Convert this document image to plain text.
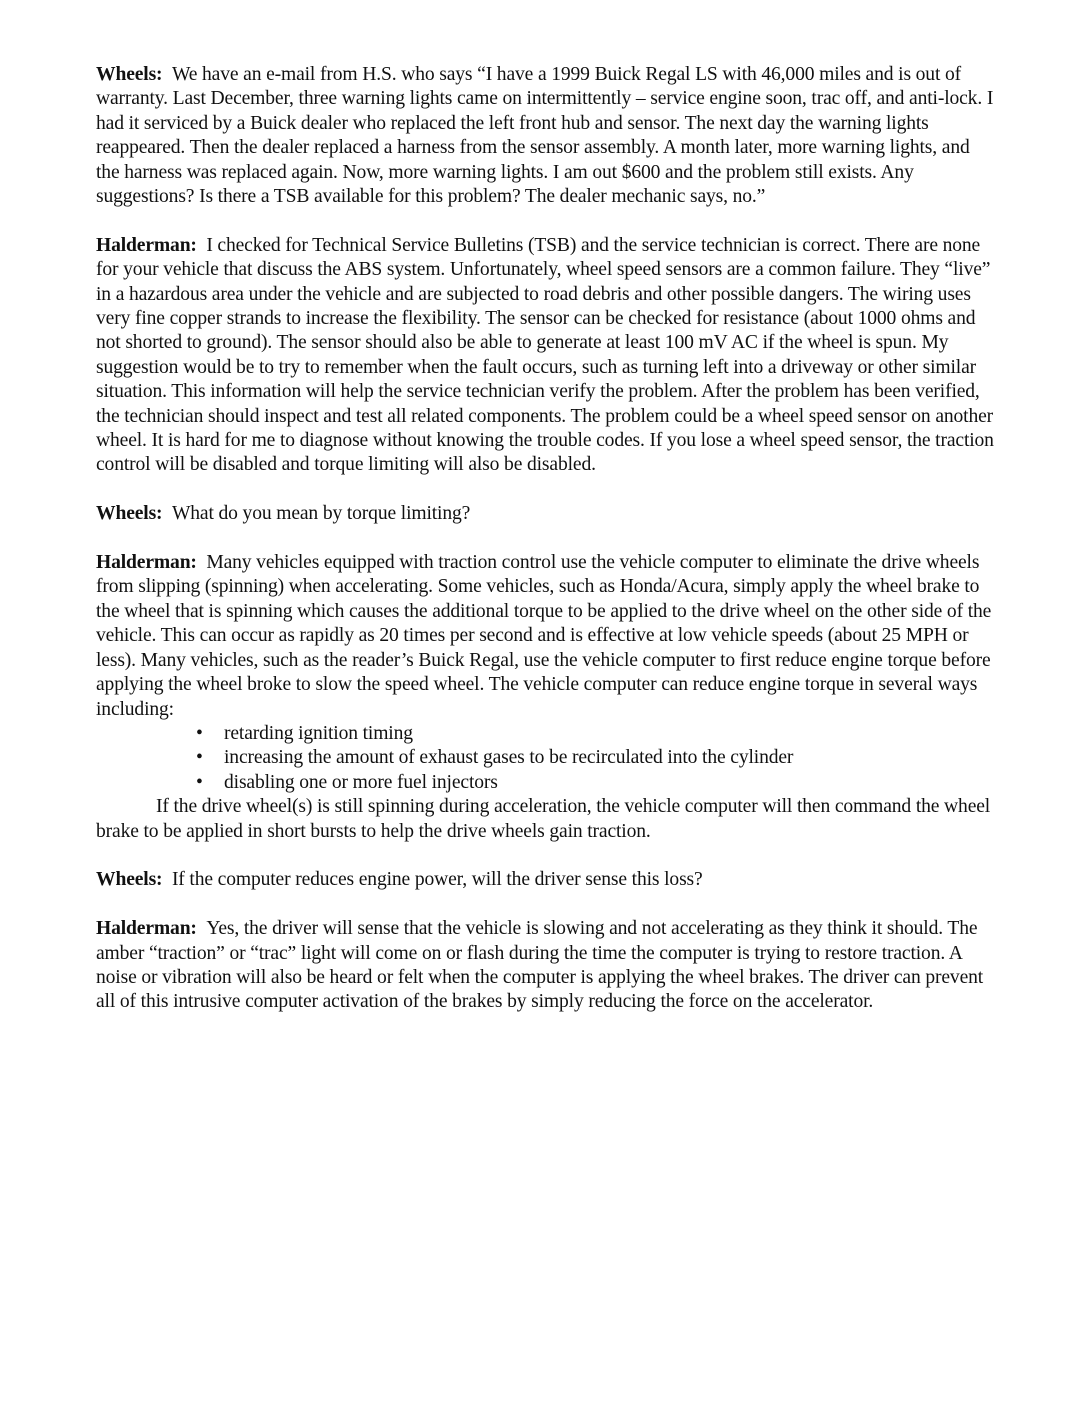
Wheels: We have an e-mail from H.S. who says “I have a 1999 Buick Regal LS with 46,000 miles and is out of warranty. Last December, three warning lights came on intermittently – service engine soon, trac off, and anti-lock. I had it serviced by a Buick dealer who replaced the left front hub and sensor. The next day the warning lights reappeared. Then the dealer replaced a harness from the sensor assembly. A month later, more warning lights, and the harness was replaced again. Now, more warning lights. I am out $600 and the problem still exists. Any suggestions? Is there a TSB available for this problem? The dealer mechanic says, no.”

Halderman: I checked for Technical Service Bulletins (TSB) and the service technician is correct. There are none for your vehicle that discuss the ABS system. Unfortunately, wheel speed sensors are a common failure. They “live” in a hazardous area under the vehicle and are subjected to road debris and other possible dangers. The wiring uses very fine copper strands to increase the flexibility. The sensor can be checked for resistance (about 1000 ohms and not shorted to ground). The sensor should also be able to generate at least 100 mV AC if the wheel is spun. My suggestion would be to try to remember when the fault occurs, such as turning left into a driveway or other similar situation. This information will help the service technician verify the problem. After the problem has been verified, the technician should inspect and test all related components. The problem could be a wheel speed sensor on another wheel. It is hard for me to diagnose without knowing the trouble codes. If you lose a wheel speed sensor, the traction control will be disabled and torque limiting will also be disabled.

Wheels: What do you mean by torque limiting?

Halderman: Many vehicles equipped with traction control use the vehicle computer to eliminate the drive wheels from slipping (spinning) when accelerating. Some vehicles, such as Honda/Acura, simply apply the wheel brake to the wheel that is spinning which causes the additional torque to be applied to the drive wheel on the other side of the vehicle. This can occur as rapidly as 20 times per second and is effective at low vehicle speeds (about 25 MPH or less). Many vehicles, such as the reader’s Buick Regal, use the vehicle computer to first reduce engine torque before applying the wheel broke to slow the speed wheel. The vehicle computer can reduce engine torque in several ways including:
• retarding ignition timing
• increasing the amount of exhaust gases to be recirculated into the cylinder
• disabling one or more fuel injectors
If the drive wheel(s) is still spinning during acceleration, the vehicle computer will then command the wheel brake to be applied in short bursts to help the drive wheels gain traction.

Wheels: If the computer reduces engine power, will the driver sense this loss?

Halderman: Yes, the driver will sense that the vehicle is slowing and not accelerating as they think it should. The amber “traction” or “trac” light will come on or flash during the time the computer is trying to restore traction. A noise or vibration will also be heard or felt when the computer is applying the wheel brakes. The driver can prevent all of this intrusive computer activation of the brakes by simply reducing the force on the accelerator.
